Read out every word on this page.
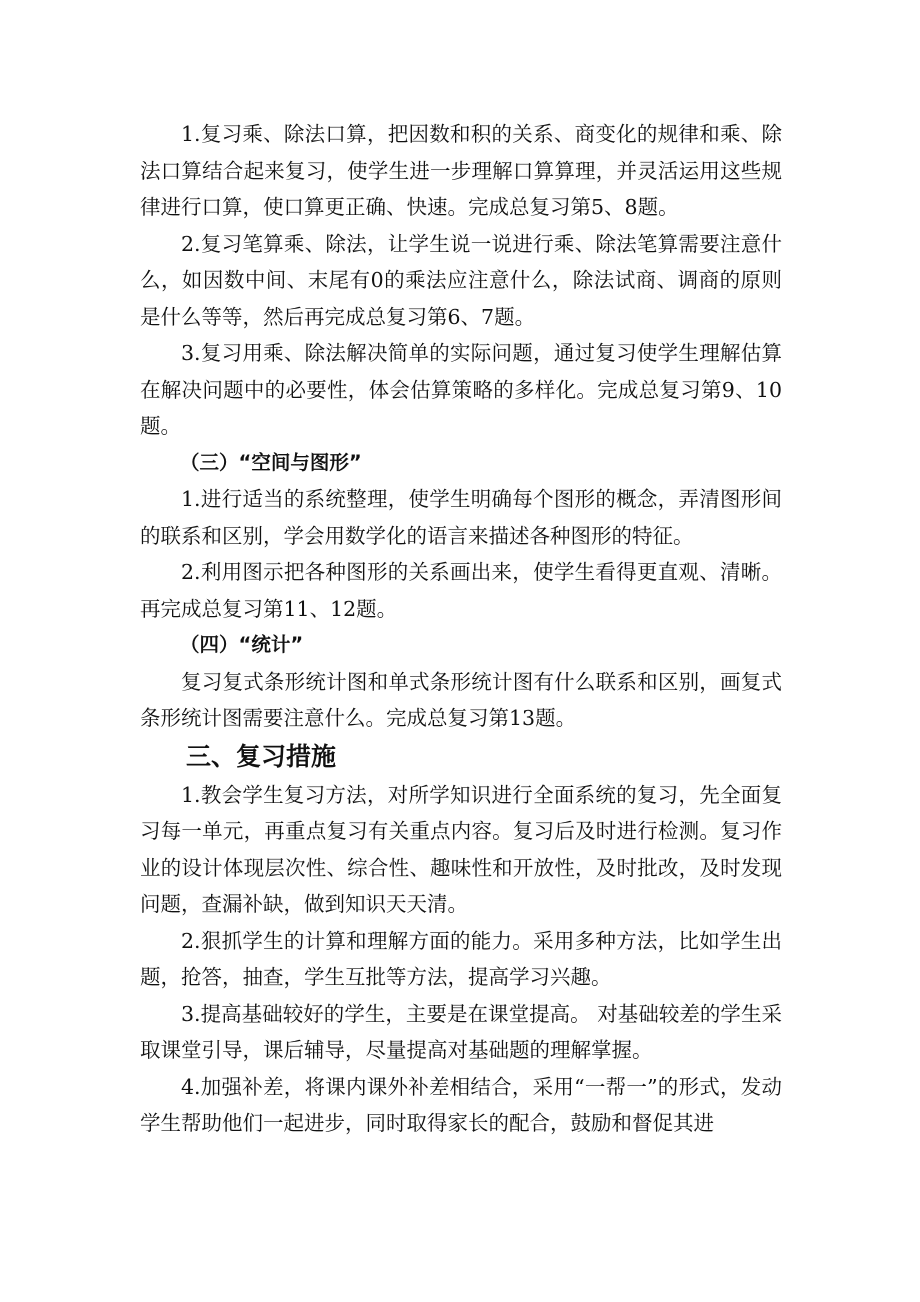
1.复习乘、除法口算，把因数和积的关系、商变化的规律和乘、除法口算结合起来复习，使学生进一步理解口算算理，并灵活运用这些规律进行口算，使口算更正确、快速。完成总复习第5、8题。

2.复习笔算乘、除法，让学生说一说进行乘、除法笔算需要注意什么，如因数中间、末尾有0的乘法应注意什么，除法试商、调商的原则是什么等等，然后再完成总复习第6、7题。

3.复习用乘、除法解决简单的实际问题，通过复习使学生理解估算在解决问题中的必要性，体会估算策略的多样化。完成总复习第9、10题。

（三）“空间与图形”

1.进行适当的系统整理，使学生明确每个图形的概念，弄清图形间的联系和区别，学会用数学化的语言来描述各种图形的特征。

2.利用图示把各种图形的关系画出来，使学生看得更直观、清晰。再完成总复习第11、12题。

（四）“统计”

复习复式条形统计图和单式条形统计图有什么联系和区别，画复式条形统计图需要注意什么。完成总复习第13题。

三、复习措施

1.教会学生复习方法，对所学知识进行全面系统的复习，先全面复习每一单元，再重点复习有关重点内容。复习后及时进行检测。复习作业的设计体现层次性、综合性、趣味性和开放性，及时批改，及时发现问题，查漏补缺，做到知识天天清。

2.狠抓学生的计算和理解方面的能力。采用多种方法，比如学生出题，抢答，抽查，学生互批等方法，提高学习兴趣。

3.提高基础较好的学生，主要是在课堂提高。 对基础较差的学生采取课堂引导，课后辅导，尽量提高对基础题的理解掌握。

4.加强补差，将课内课外补差相结合，采用“一帮一”的形式，发动学生帮助他们一起进步，同时取得家长的配合，鼓励和督促其进
